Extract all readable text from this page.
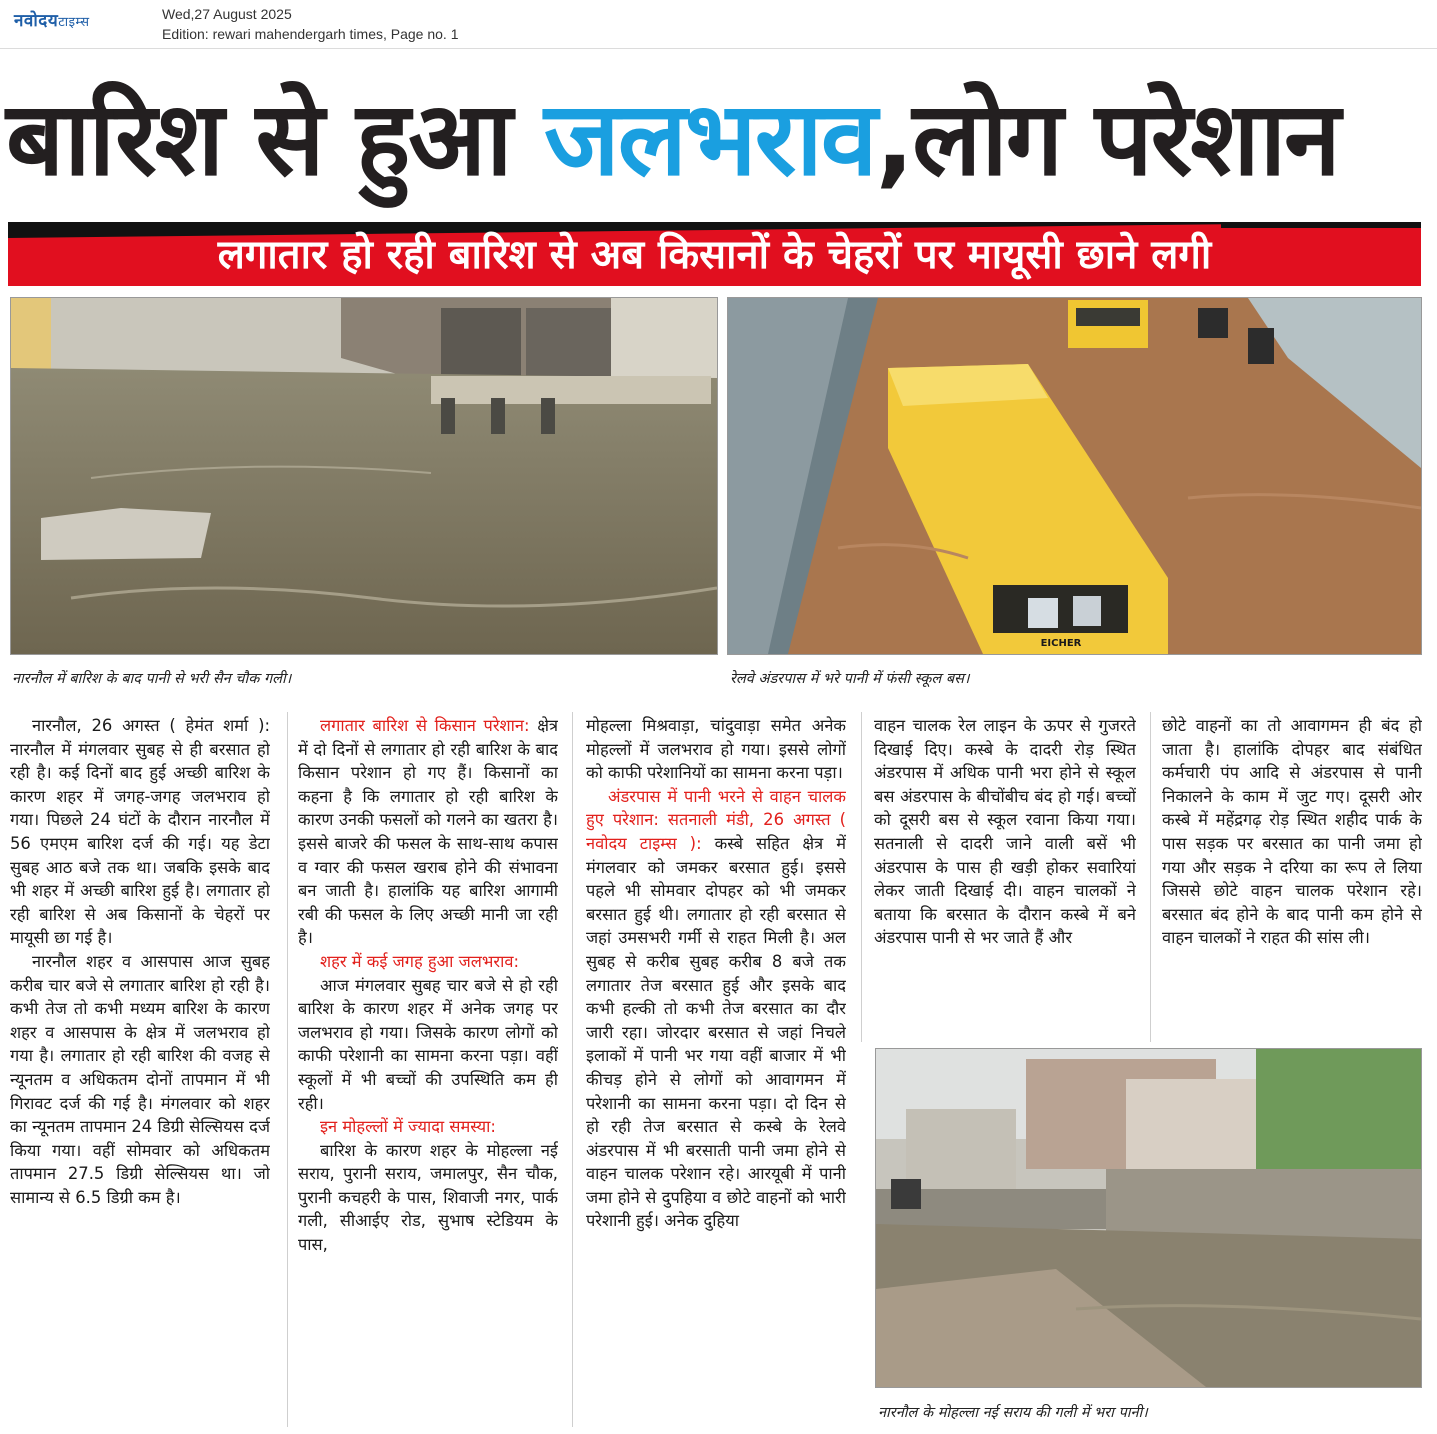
नवोदयटाइम्स
Wed,27 August 2025
Edition: rewari mahendergarh times, Page no. 1
बारिश से हुआ जलभराव,लोग परेशान
लगातार हो रही बारिश से अब किसानों के चेहरों पर मायूसी छाने लगी
नारनौल में बारिश के बाद पानी से भरी सैन चौक गली।
EICHER
रेलवे अंडरपास में भरे पानी में फंसी स्कूल बस।

नारनौल, 26 अगस्त ( हेमंत शर्मा ): नारनौल में मंगलवार सुबह से ही बरसात हो रही है। कई दिनों बाद हुई अच्छी बारिश के कारण शहर में जगह-जगह जलभराव हो गया। पिछले 24 घंटों के दौरान नारनौल में 56 एमएम बारिश दर्ज की गई। यह डेटा सुबह आठ बजे तक था। जबकि इसके बाद भी शहर में अच्छी बारिश हुई है। लगातार हो रही बारिश से अब किसानों के चेहरों पर मायूसी छा गई है।

नारनौल शहर व आसपास आज सुबह करीब चार बजे से लगातार बारिश हो रही है। कभी तेज तो कभी मध्यम बारिश के कारण शहर व आसपास के क्षेत्र में जलभराव हो गया है। लगातार हो रही बारिश की वजह से न्यूनतम व अधिकतम दोनों तापमान में भी गिरावट दर्ज की गई है। मंगलवार को शहर का न्यूनतम तापमान 24 डिग्री सेल्सियस दर्ज किया गया। वहीं सोमवार को अधिकतम तापमान 27.5 डिग्री सेल्सियस था। जो सामान्य से 6.5 डिग्री कम है।

लगातार बारिश से किसान परेशान: क्षेत्र में दो दिनों से लगातार हो रही बारिश के बाद किसान परेशान हो गए हैं। किसानों का कहना है कि लगातार हो रही बारिश के कारण उनकी फसलों को गलने का खतरा है। इससे बाजरे की फसल के साथ-साथ कपास व ग्वार की फसल खराब होने की संभावना बन जाती है। हालांकि यह बारिश आगामी रबी की फसल के लिए अच्छी मानी जा रही है।

शहर में कई जगह हुआ जलभराव:

आज मंगलवार सुबह चार बजे से हो रही बारिश के कारण शहर में अनेक जगह पर जलभराव हो गया। जिसके कारण लोगों को काफी परेशानी का सामना करना पड़ा। वहीं स्कूलों में भी बच्चों की उपस्थिति कम ही रही।

इन मोहल्लों में ज्यादा समस्या:

बारिश के कारण शहर के मोहल्ला नई सराय, पुरानी सराय, जमालपुर, सैन चौक, पुरानी कचहरी के पास, शिवाजी नगर, पार्क गली, सीआईए रोड, सुभाष स्टेडियम के पास,

मोहल्ला मिश्रवाड़ा, चांदुवाड़ा समेत अनेक मोहल्लों में जलभराव हो गया। इससे लोगों को काफी परेशानियों का सामना करना पड़ा।

अंडरपास में पानी भरने से वाहन चालक हुए परेशान: सतनाली मंडी, 26 अगस्त ( नवोदय टाइम्स ): कस्बे सहित क्षेत्र में मंगलवार को जमकर बरसात हुई। इससे पहले भी सोमवार दोपहर को भी जमकर बरसात हुई थी। लगातार हो रही बरसात से जहां उमसभरी गर्मी से राहत मिली है। अल सुबह से करीब सुबह करीब 8 बजे तक लगातार तेज बरसात हुई और इसके बाद कभी हल्की तो कभी तेज बरसात का दौर जारी रहा। जोरदार बरसात से जहां निचले इलाकों में पानी भर गया वहीं बाजार में भी कीचड़ होने से लोगों को आवागमन में परेशानी का सामना करना पड़ा। दो दिन से हो रही तेज बरसात से कस्बे के रेलवे अंडरपास में भी बरसाती पानी जमा होने से वाहन चालक परेशान रहे। आरयूबी में पानी जमा होने से दुपहिया व छोटे वाहनों को भारी परेशानी हुई। अनेक दुहिया

वाहन चालक रेल लाइन के ऊपर से गुजरते दिखाई दिए। कस्बे के दादरी रोड़ स्थित अंडरपास में अधिक पानी भरा होने से स्कूल बस अंडरपास के बीचोंबीच बंद हो गई। बच्चों को दूसरी बस से स्कूल रवाना किया गया। सतनाली से दादरी जाने वाली बसें भी अंडरपास के पास ही खड़ी होकर सवारियां लेकर जाती दिखाई दी। वाहन चालकों ने बताया कि बरसात के दौरान कस्बे में बने अंडरपास पानी से भर जाते हैं और

छोटे वाहनों का तो आवागमन ही बंद हो जाता है। हालांकि दोपहर बाद संबंधित कर्मचारी पंप आदि से अंडरपास से पानी निकालने के काम में जुट गए। दूसरी ओर कस्बे में महेंद्रगढ़ रोड़ स्थित शहीद पार्क के पास सड़क पर बरसात का पानी जमा हो गया और सड़क ने दरिया का रूप ले लिया जिससे छोटे वाहन चालक परेशान रहे। बरसात बंद होने के बाद पानी कम होने से वाहन चालकों ने राहत की सांस ली।

नारनौल के मोहल्ला नई सराय की गली में भरा पानी।
